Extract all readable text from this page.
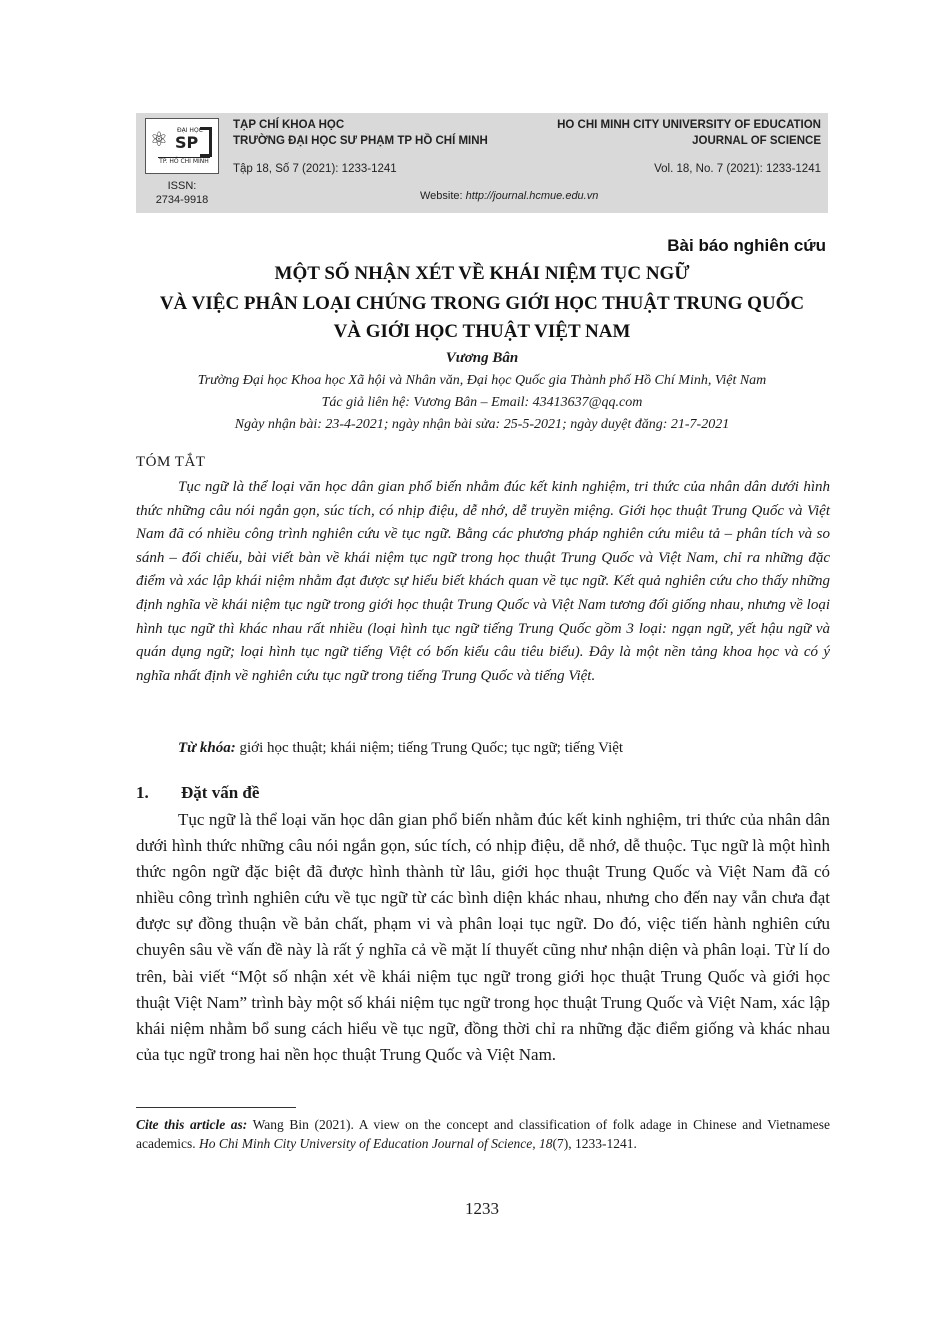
⚛ ĐẠI HỌC
SP
TP. HỒ CHÍ MINH
TẠP CHÍ KHOA HỌC
TRƯỜNG ĐẠI HỌC SƯ PHẠM TP HỒ CHÍ MINH
Tập 18, Số 7 (2021): 1233-1241
HO CHI MINH CITY UNIVERSITY OF EDUCATION
JOURNAL OF SCIENCE
Vol. 18, No. 7 (2021): 1233-1241
ISSN:
2734-9918	Website: http://journal.hcmue.edu.vn
Bài báo nghiên cứu
MỘT SỐ NHẬN XÉT VỀ KHÁI NIỆM TỤC NGỮ
VÀ VIỆC PHÂN LOẠI CHÚNG TRONG GIỚI HỌC THUẬT TRUNG QUỐC
VÀ GIỚI HỌC THUẬT VIỆT NAM
Vương Bân
Trường Đại học Khoa học Xã hội và Nhân văn, Đại học Quốc gia Thành phố Hồ Chí Minh, Việt Nam
Tác giả liên hệ: Vương Bân – Email: 43413637@qq.com
Ngày nhận bài: 23-4-2021; ngày nhận bài sửa: 25-5-2021; ngày duyệt đăng: 21-7-2021
TÓM TẮT

Tục ngữ là thể loại văn học dân gian phổ biến nhằm đúc kết kinh nghiệm, tri thức của nhân dân dưới hình thức những câu nói ngắn gọn, súc tích, có nhịp điệu, dễ nhớ, dễ truyền miệng. Giới học thuật Trung Quốc và Việt Nam đã có nhiều công trình nghiên cứu về tục ngữ. Bằng các phương pháp nghiên cứu miêu tả – phân tích và so sánh – đối chiếu, bài viết bàn về khái niệm tục ngữ trong học thuật Trung Quốc và Việt Nam, chỉ ra những đặc điểm và xác lập khái niệm nhằm đạt được sự hiểu biết khách quan về tục ngữ. Kết quả nghiên cứu cho thấy những định nghĩa về khái niệm tục ngữ trong giới học thuật Trung Quốc và Việt Nam tương đối giống nhau, nhưng về loại hình tục ngữ thì khác nhau rất nhiều (loại hình tục ngữ tiếng Trung Quốc gồm 3 loại: ngạn ngữ, yết hậu ngữ và quán dụng ngữ; loại hình tục ngữ tiếng Việt có bốn kiểu câu tiêu biểu). Đây là một nền tảng khoa học và có ý nghĩa nhất định về nghiên cứu tục ngữ trong tiếng Trung Quốc và tiếng Việt.

Từ khóa: giới học thuật; khái niệm; tiếng Trung Quốc; tục ngữ; tiếng Việt
1. Đặt vấn đề

Tục ngữ là thể loại văn học dân gian phổ biến nhằm đúc kết kinh nghiệm, tri thức của nhân dân dưới hình thức những câu nói ngắn gọn, súc tích, có nhịp điệu, dễ nhớ, dễ thuộc. Tục ngữ là một hình thức ngôn ngữ đặc biệt đã được hình thành từ lâu, giới học thuật Trung Quốc và Việt Nam đã có nhiều công trình nghiên cứu về tục ngữ từ các bình diện khác nhau, nhưng cho đến nay vẫn chưa đạt được sự đồng thuận về bản chất, phạm vi và phân loại tục ngữ. Do đó, việc tiến hành nghiên cứu chuyên sâu về vấn đề này là rất ý nghĩa cả về mặt lí thuyết cũng như nhận diện và phân loại. Từ lí do trên, bài viết “Một số nhận xét về khái niệm tục ngữ trong giới học thuật Trung Quốc và giới học thuật Việt Nam” trình bày một số khái niệm tục ngữ trong học thuật Trung Quốc và Việt Nam, xác lập khái niệm nhằm bổ sung cách hiểu về tục ngữ, đồng thời chỉ ra những đặc điểm giống và khác nhau của tục ngữ trong hai nền học thuật Trung Quốc và Việt Nam.

Cite this article as: Wang Bin (2021). A view on the concept and classification of folk adage in Chinese and Vietnamese academics. Ho Chi Minh City University of Education Journal of Science, 18(7), 1233-1241.

1233
